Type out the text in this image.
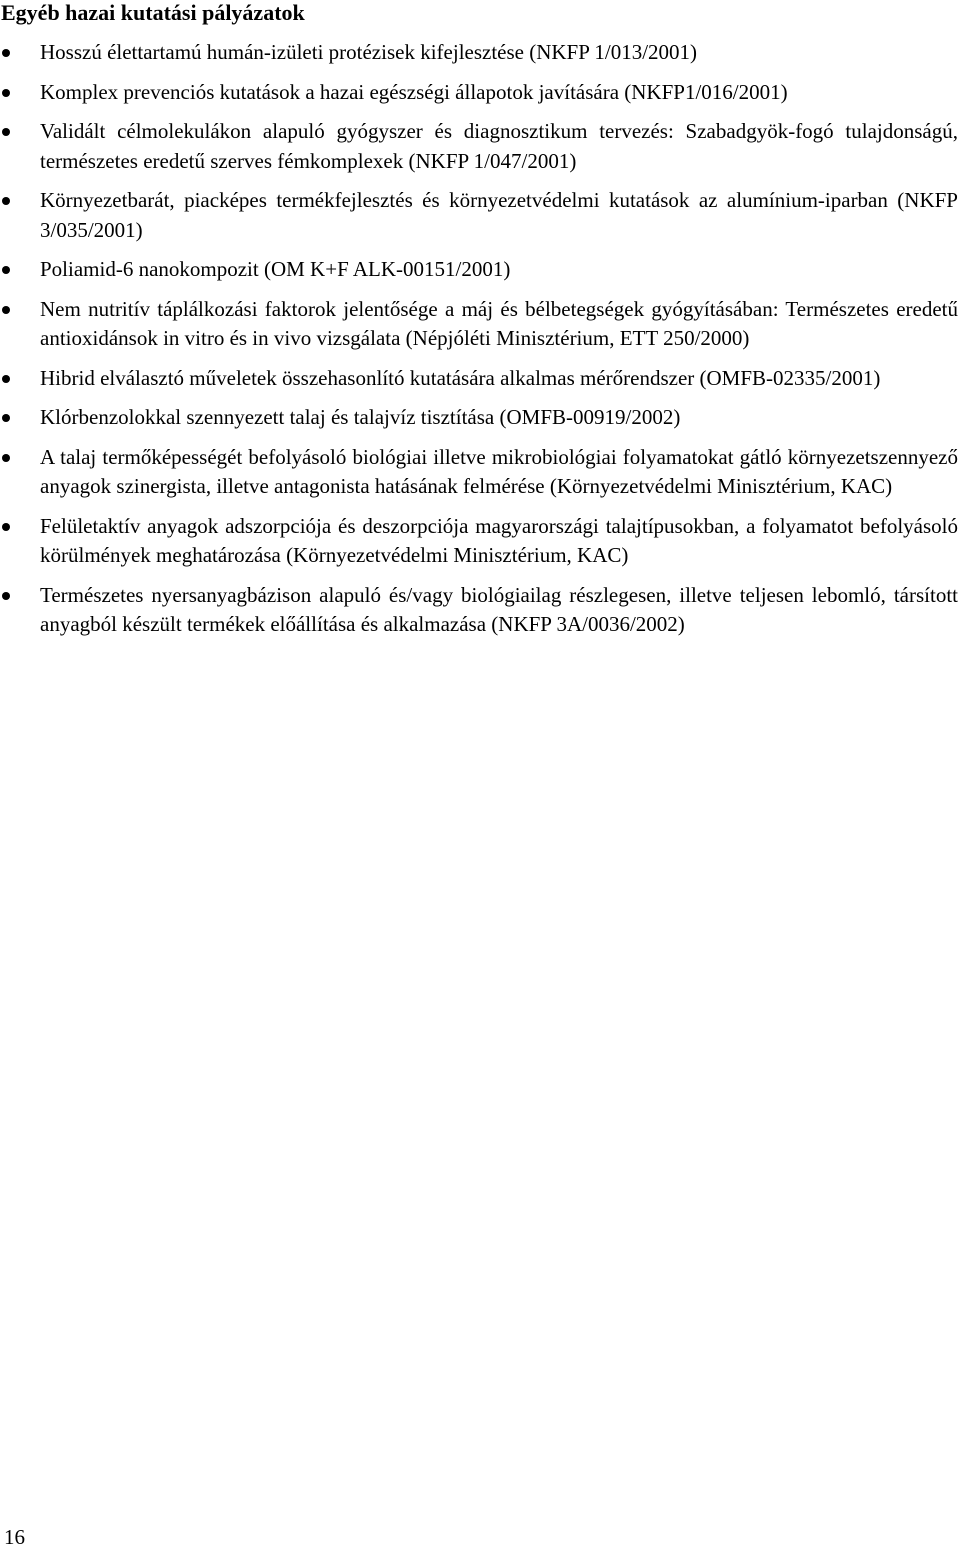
Egyéb hazai kutatási pályázatok
Hosszú élettartamú humán-izületi protézisek kifejlesztése (NKFP 1/013/2001)
Komplex prevenciós kutatások a hazai egészségi állapotok javítására (NKFP1/016/2001)
Validált célmolekulákon alapuló gyógyszer és diagnosztikum tervezés: Szabadgyök-fogó tulajdonságú, természetes eredetű szerves fémkomplexek (NKFP 1/047/2001)
Környezetbarát, piacképes termékfejlesztés és környezetvédelmi kutatások az alumínium-iparban (NKFP 3/035/2001)
Poliamid-6 nanokompozit (OM K+F ALK-00151/2001)
Nem nutritív táplálkozási faktorok jelentősége a máj és bélbetegségek gyógyításában: Természetes eredetű antioxidánsok in vitro és in vivo vizsgálata (Népjóléti Minisztérium, ETT 250/2000)
Hibrid elválasztó műveletek összehasonlító kutatására alkalmas mérőrendszer (OMFB-02335/2001)
Klórbenzolokkal szennyezett talaj és talajvíz tisztítása (OMFB-00919/2002)
A talaj termőképességét befolyásoló biológiai illetve mikrobiológiai folyamatokat gátló környezetszennyező anyagok szinergista, illetve antagonista hatásának felmérése (Környezetvédelmi Minisztérium, KAC)
Felületaktív anyagok adszorpciója és deszorpciója magyarországi talajtípusokban, a folyamatot befolyásoló körülmények meghatározása (Környezetvédelmi Minisztérium, KAC)
Természetes nyersanyagbázison alapuló és/vagy biológiailag részlegesen, illetve teljesen lebomló, társított anyagból készült termékek előállítása és alkalmazása (NKFP 3A/0036/2002)
16
